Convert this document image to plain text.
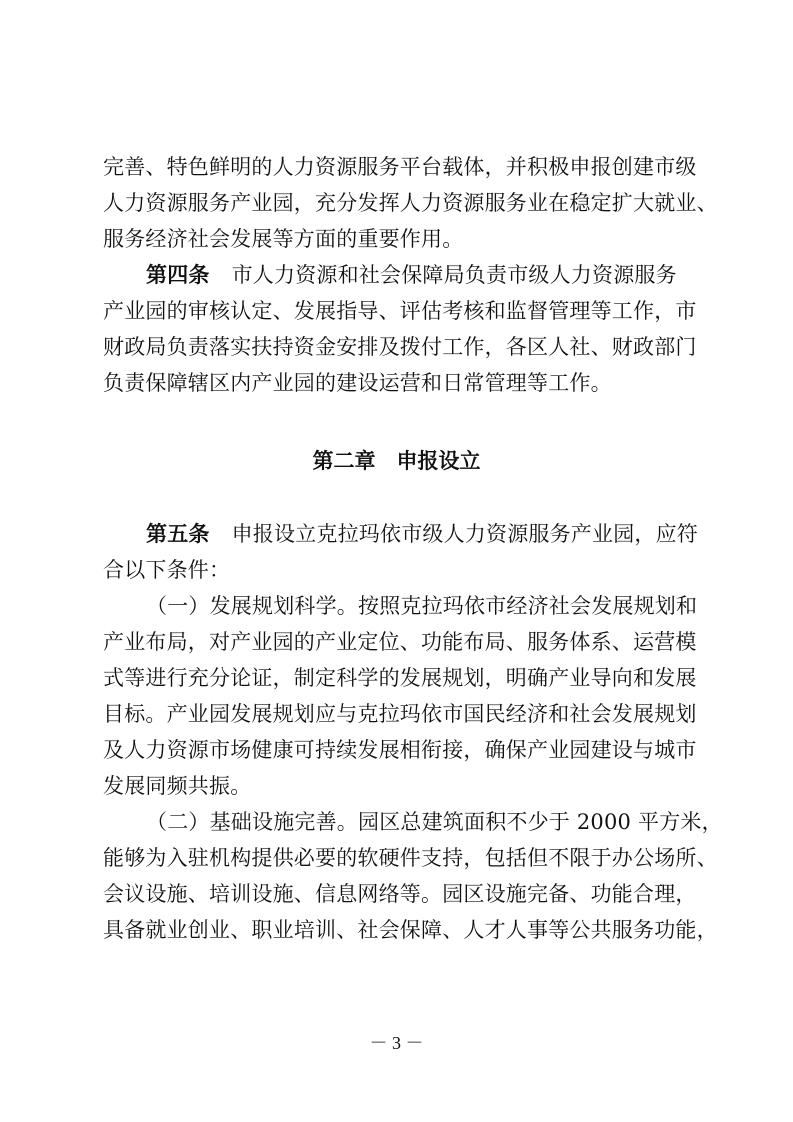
完善、特色鲜明的人力资源服务平台载体，并积极申报创建市级
人力资源服务产业园，充分发挥人力资源服务业在稳定扩大就业、
服务经济社会发展等方面的重要作用。
第四条 市人力资源和社会保障局负责市级人力资源服务
产业园的审核认定、发展指导、评估考核和监督管理等工作，市
财政局负责落实扶持资金安排及拨付工作，各区人社、财政部门
负责保障辖区内产业园的建设运营和日常管理等工作。
第二章　申报设立
第五条 申报设立克拉玛依市级人力资源服务产业园，应符
合以下条件：
（一）发展规划科学。按照克拉玛依市经济社会发展规划和
产业布局，对产业园的产业定位、功能布局、服务体系、运营模
式等进行充分论证，制定科学的发展规划，明确产业导向和发展
目标。产业园发展规划应与克拉玛依市国民经济和社会发展规划
及人力资源市场健康可持续发展相衔接，确保产业园建设与城市
发展同频共振。
（二）基础设施完善。园区总建筑面积不少于 2000 平方米，
能够为入驻机构提供必要的软硬件支持，包括但不限于办公场所、
会议设施、培训设施、信息网络等。园区设施完备、功能合理，
具备就业创业、职业培训、社会保障、人才人事等公共服务功能，
－ 3 －
